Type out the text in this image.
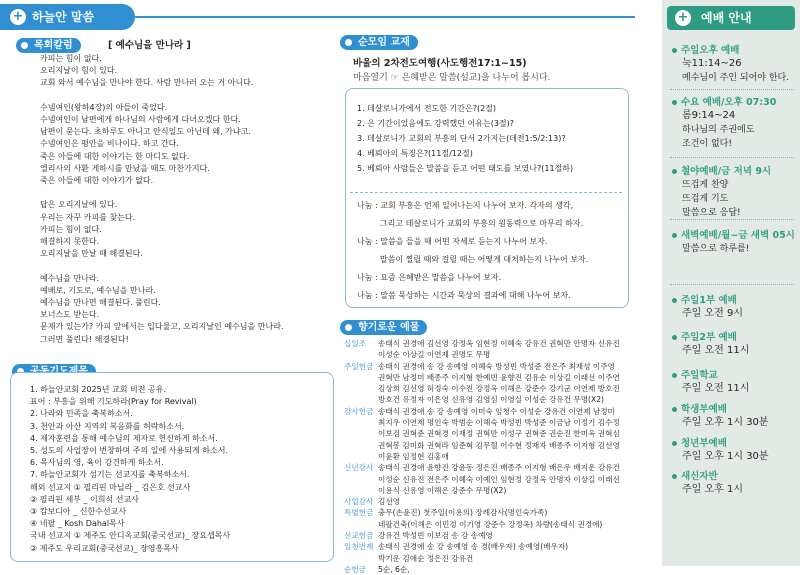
+ 하늘안 말씀
목회칼럼	[ 예수님을 만나라 ]
카피는 힘이 없다.
오리지날이 힘이 있다.
교회 와서 예수님을 만나야 한다. 사람 만나러 오는 거 아니다.

수넴여인(왕하4장)의 아들이 죽었다.
수넴여인이 남편에게 하나님의 사람에게 다녀오겠다 한다.
남편이 묻는다. 초하루도 아니고 안식일도 아닌데 왜, 가냐고.
수넴여인은 평안을 비나이다. 하고 간다.
죽은 아들에 대한 이야기는 한 마디도 없다.
엘리사의 사환 게하시를 만났을 때도 마찬가지다.
죽은 아들에 대한 이야기가 없다.

답은 오리지날에 있다.
우리는 자꾸 카피를 찾는다.
카피는 힘이 없다.
해결하지 못한다.
오리지날을 만날 때 해결된다.

예수님을 만나라.
예배로, 기도로, 예수님을 만나라.
예수님을 만나면 해결된다. 풀린다.
보너스도 받는다.
문제가 있는가? 카피 앞에서는 입다물고, 오리지날인 예수님을 만나라.
그러면 풀린다! 해결된다!
1. 하늘안교회 2025년 교회 비전 공유.
표어 : 부흥을 위해 기도하라(Pray for Revival)
2. 나라와 민족을 축복하소서.
3. 천안과 아산 지역의 복음화를 허락하소서.
4. 제자훈련을 통해 예수님의 제자로 헌신하게 하소서.
5. 성도의 사업장이 번창하며 주의 일에 사용되게 하소서.
6. 목사님의 영, 육이 강건하게 하소서.
7. 하늘안교회가 섬기는 선교지를 축복하소서.
해외 선교지 ① 필리핀 마닐라 _ 김은호 선교사
② 필리핀 세부 _ 이희석 선교사
③ 캄보디아 _ 신한수선교사
④ 네팔 _ Kosh Dahal목사
국내 선교지 ① 제주도 안디옥교회(중국선교)_ 장요셉목사
② 제주도 우리교회(중국선교)_ 장영흥목사
순모임 교재
바울의 2차전도여행(사도행전17:1~15)
마음열기 ☞ 은혜받은 말씀(설교)을 나누어 봅시다.
1. 데살로니가에서 전도한 기간은?(2절)
2. 은 기간이었음에도 강력했던 이유는(3절)?
3. 데살로니가 교회의 부흥의 단서 2가지는(데전1:5/2:13)?
4. 베뢰아의 특징은?(11절/12절)
5. 베뢰아 사람들은 말씀을 듣고 어떤 태도를 보였나?(11절하)
나눔 : 교회 부흥은 언제 일어나는지 나누어 보자. 각자의 생각,
그리고 데살로니가 교회의 부흥의 원동력으로 마무리 하자.
나눔 : 말씀을 들을 때 어떤 자세로 듣는지 나누어 보자.
말씀이 찔릴 때와 걸릴 때는 어떻게 대처하는지 나누어 보자.
나눔 : 요즘 은혜받은 말씀을 나누어 보자.
나눔 : 말씀 묵상하는 시간과 묵상의 결과에 대해 나누어 보자.
향기로운 예물
십일조	송태식 권경애 김선영 강정옥 임현정 이혜숙 강유건 권혁만 안명자 신유진
이성순 이상길 이연제 권명도 무명
주일헌금 송태식 권경애 송 강 송예영 이혜숙 방성빈 박성준 전은주 최재성 이주영
권혁만 남정미 배종주 이지형 한예빈 윤향진 김유순 이상길 이래선 이주연
김상희 김선영 허정숙 이수진 강정옥 이해은 강준수 강기군 이연제 방호진
방호건 유정자 이은영 신유영 김영심 이영실 이성순 강유건 무명(X2)
감사헌금 송태식 권경애 송 강 송예영 이미숙 임청수 이성순 강유건 이연제 남정미
최지우 이연제 명인숙 박범순 이해숙 박성빈 박성준 이금남 이정기 김수정
이보검 권혁준 권혁경 이재정 권혁만 이성구 권혁준 권순진 한미옥 권혁심
권혁봉 김미화 권혁라 임준혁 김무혈 이수현 정재자 배종주 이지형 김선영
이윤환 임정현 김홍애
신년감사 송태식 권경애 윤향진 강윤동 정은진 배종주 이지형 배은우 배지운 강유건
이성순 신유진 전은주 이혜숙 이예인 임현정 강정옥 안명자 이상길 이래선
이용식 신유영 이해은 강준수 무명(X2)
사업감사 김선영
특별헌금 충무(손윤진) 첫주일(이용의) 장례감사(명인숙가족)
네팔건축(이해은 이민정 이기영 강준수 강정옥) 차량(송태식 권경애)
선교헌금 강유건 박성빈 이보검 송 강 송예영
일천번제 송태식 권경애 송 강 송예영 송 경(배우자) 송예영(배우자)
박기운 김애순 정은진 강유건
순헌금	5순, 6순,
+ 예배 안내
주일오후 예배
눅11:14~26
예수님이 주인 되어야 한다.
수요 예배/오후 07:30
롬9:14~24
하나님의 주권에도
조건이 없다!
철야예배/금 저녁 9시
뜨겁게 찬양
뜨겁게 기도
말씀으로 응답!
새벽예배/월~금 새벽 05시
말씀으로 하루를!
주일1부 예배
주일 오전 9시
주일2부 예배
주일 오전 11시
주일학교
주일 오전 11시
학생부예배
주일 오후 1시 30분
청년부예배
주일 오후 1시 30분
새신자반
주일 오후 1시
